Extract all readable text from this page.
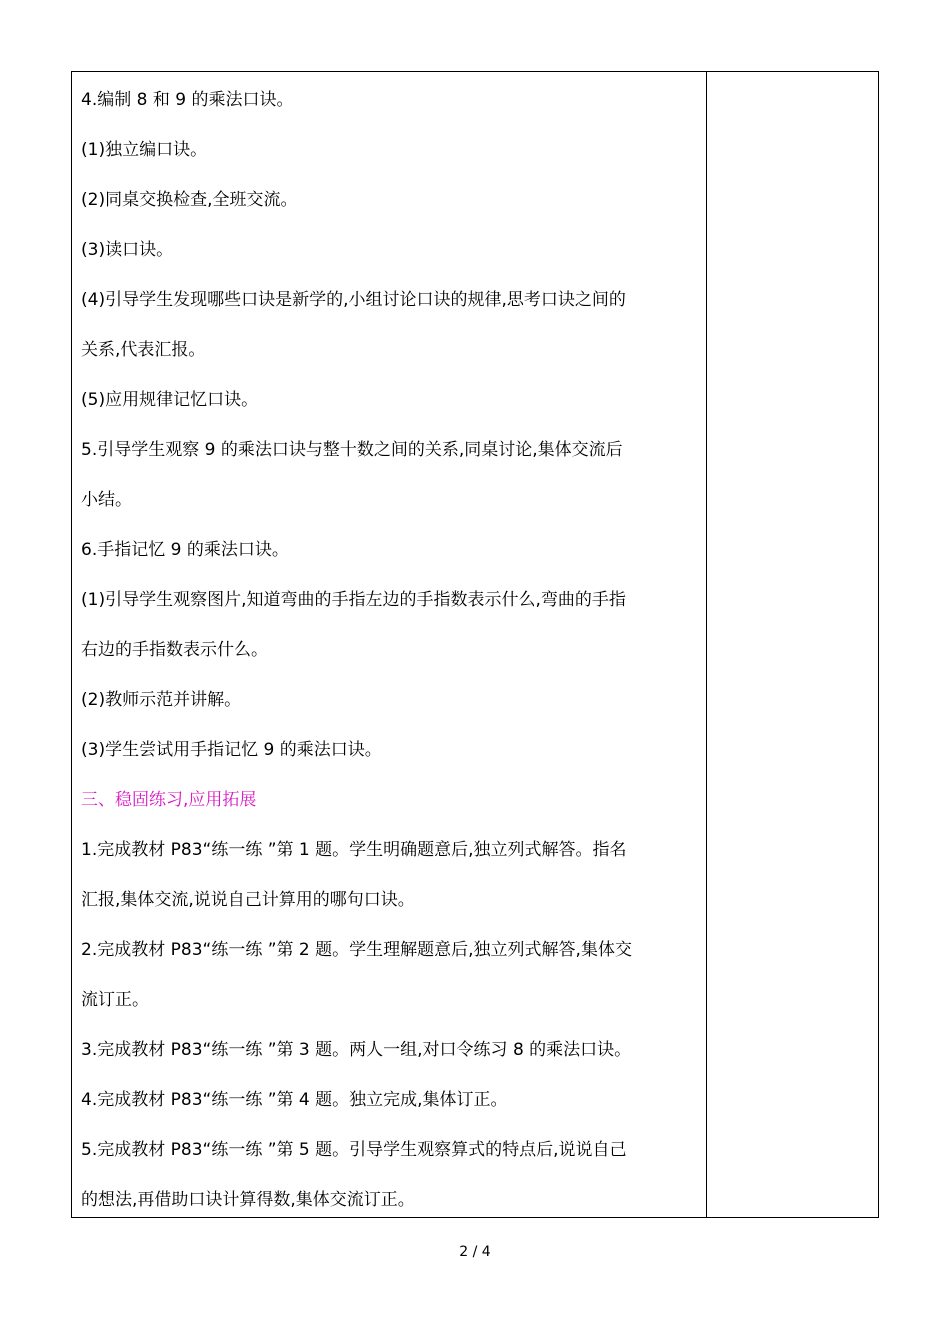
4.编制 8 和 9 的乘法口诀。
(1)独立编口诀。
(2)同桌交换检查,全班交流。
(3)读口诀。
(4)引导学生发现哪些口诀是新学的,小组讨论口诀的规律,思考口诀之间的
关系,代表汇报。
(5)应用规律记忆口诀。
5.引导学生观察 9 的乘法口诀与整十数之间的关系,同桌讨论,集体交流后
小结。
6.手指记忆 9 的乘法口诀。
(1)引导学生观察图片,知道弯曲的手指左边的手指数表示什么,弯曲的手指
右边的手指数表示什么。
(2)教师示范并讲解。
(3)学生尝试用手指记忆 9 的乘法口诀。
三、稳固练习,应用拓展
1.完成教材 P83“练一练 ”第 1 题。学生明确题意后,独立列式解答。指名
汇报,集体交流,说说自己计算用的哪句口诀。
2.完成教材 P83“练一练 ”第 2 题。学生理解题意后,独立列式解答,集体交
流订正。
3.完成教材 P83“练一练 ”第 3 题。两人一组,对口令练习 8 的乘法口诀。
4.完成教材 P83“练一练 ”第 4 题。独立完成,集体订正。
5.完成教材 P83“练一练 ”第 5 题。引导学生观察算式的特点后,说说自己
的想法,再借助口诀计算得数,集体交流订正。
2 / 4
